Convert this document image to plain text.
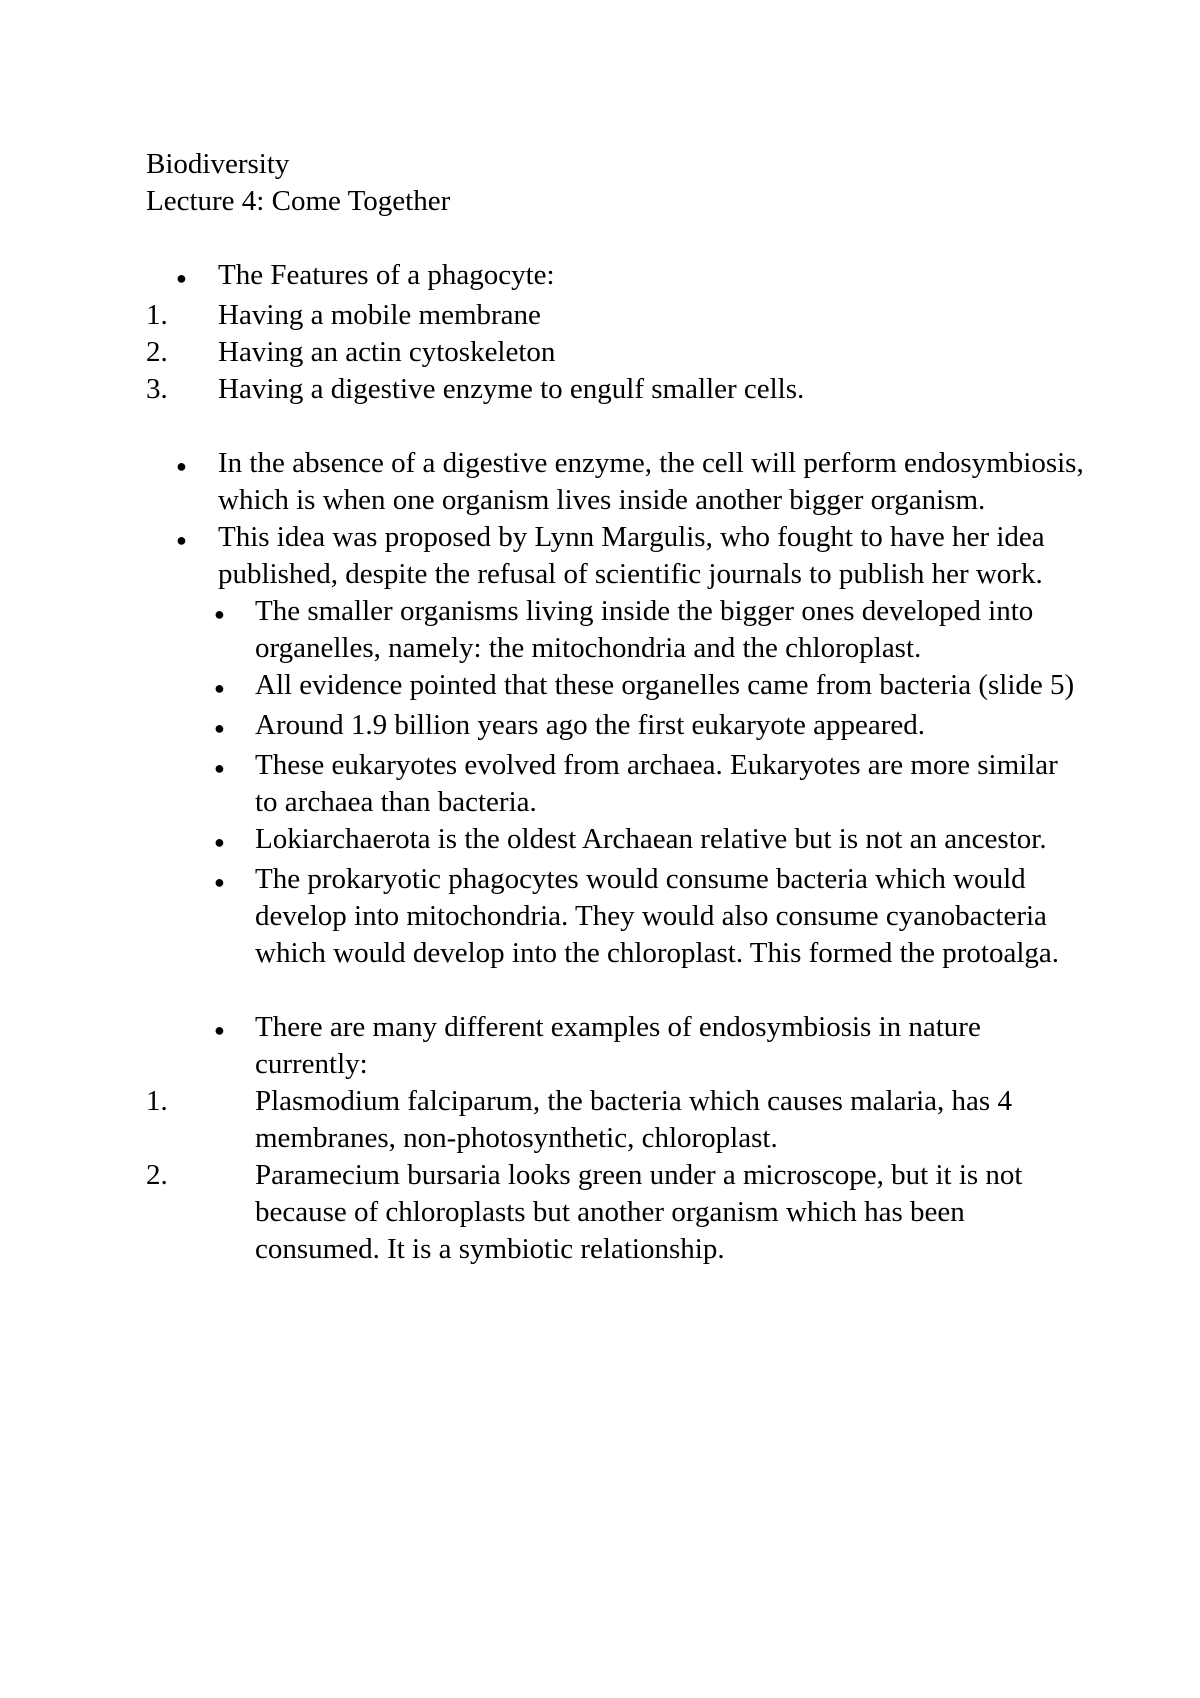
Biodiversity
Lecture 4: Come Together
●	The Features of a phagocyte:
1.	Having a mobile membrane
2.	Having an actin cytoskeleton
3.	Having a digestive enzyme to engulf smaller cells.
●	In the absence of a digestive enzyme, the cell will perform endosymbiosis, which is when one organism lives inside another bigger organism.
●	This idea was proposed by Lynn Margulis, who fought to have her idea published, despite the refusal of scientific journals to publish her work.
●	The smaller organisms living inside the bigger ones developed into organelles, namely: the mitochondria and the chloroplast.
●	All evidence pointed that these organelles came from bacteria (slide 5)
●	Around 1.9 billion years ago the first eukaryote appeared.
●	These eukaryotes evolved from archaea. Eukaryotes are more similar to archaea than bacteria.
●	Lokiarchaerota is the oldest Archaean relative but is not an ancestor.
●	The prokaryotic phagocytes would consume bacteria which would develop into mitochondria. They would also consume cyanobacteria which would develop into the chloroplast. This formed the protoalga.
●	There are many different examples of endosymbiosis in nature currently:
1.	Plasmodium falciparum, the bacteria which causes malaria, has 4 membranes, non-photosynthetic, chloroplast.
2.	Paramecium bursaria looks green under a microscope, but it is not because of chloroplasts but another organism which has been consumed. It is a symbiotic relationship.
